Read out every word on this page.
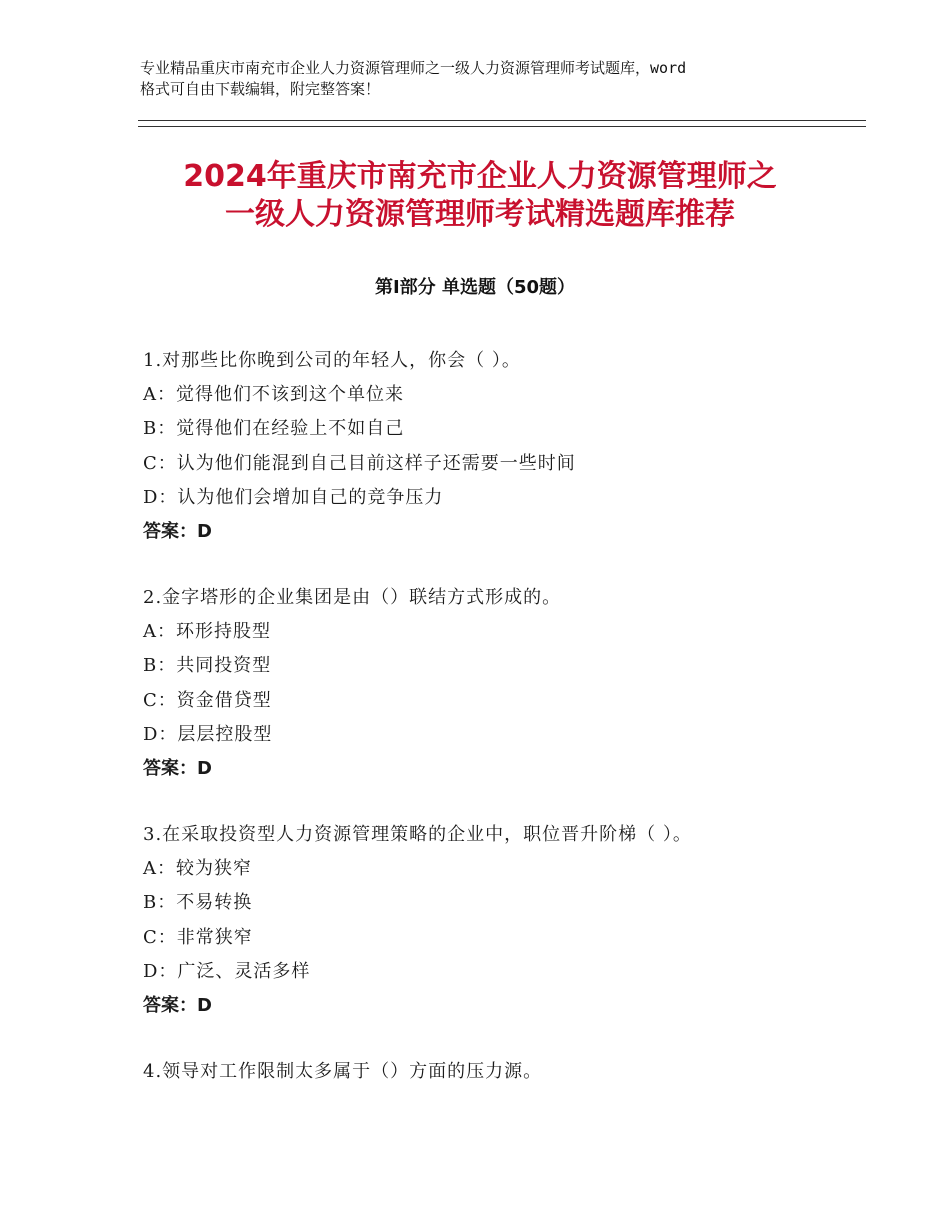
专业精品重庆市南充市企业人力资源管理师之一级人力资源管理师考试题库，word
格式可自由下载编辑，附完整答案！
2024年重庆市南充市企业人力资源管理师之
一级人力资源管理师考试精选题库推荐
第Ⅰ部分 单选题（50题）
1.对那些比你晚到公司的年轻人，你会（ ）。
A：觉得他们不该到这个单位来
B：觉得他们在经验上不如自己
C：认为他们能混到自己目前这样子还需要一些时间
D：认为他们会增加自己的竞争压力
答案：D
2.金字塔形的企业集团是由（）联结方式形成的。
A：环形持股型
B：共同投资型
C：资金借贷型
D：层层控股型
答案：D
3.在采取投资型人力资源管理策略的企业中，职位晋升阶梯（ ）。
A：较为狭窄
B：不易转换
C：非常狭窄
D：广泛、灵活多样
答案：D
4.领导对工作限制太多属于（）方面的压力源。
